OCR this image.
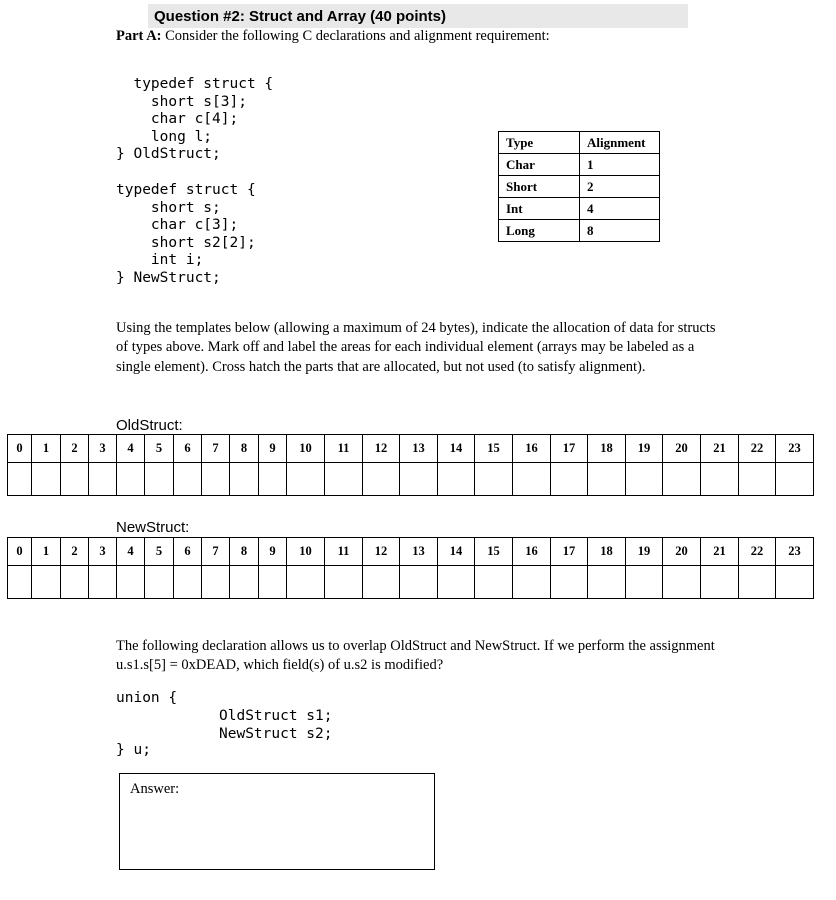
Question #2: Struct and Array (40 points)
Part A: Consider the following C declarations and alignment requirement:
typedef struct {
short s[3];
char c[4];
long l;
} OldStruct;
typedef struct {
short s;
char c[3];
short s2[2];
int i;
} NewStruct;
Type	Alignment
Char	1
Short	2
Int	4
Long	8
Using the templates below (allowing a maximum of 24 bytes), indicate the allocation of data for structs of types above. Mark off and label the areas for each individual element (arrays may be labeled as a single element). Cross hatch the parts that are allocated, but not used (to satisfy alignment).
OldStruct:
0	1	2	3	4	5	6	7	8	9	10	11	12	13	14	15	16	17	18	19	20	21	22	23

NewStruct:
0	1	2	3	4	5	6	7	8	9	10	11	12	13	14	15	16	17	18	19	20	21	22	23

The following declaration allows us to overlap OldStruct and NewStruct. If we perform the assignment u.s1.s[5] = 0xDEAD, which field(s) of u.s2 is modified?
union {
OldStruct s1;
NewStruct s2;
} u;
Answer:
